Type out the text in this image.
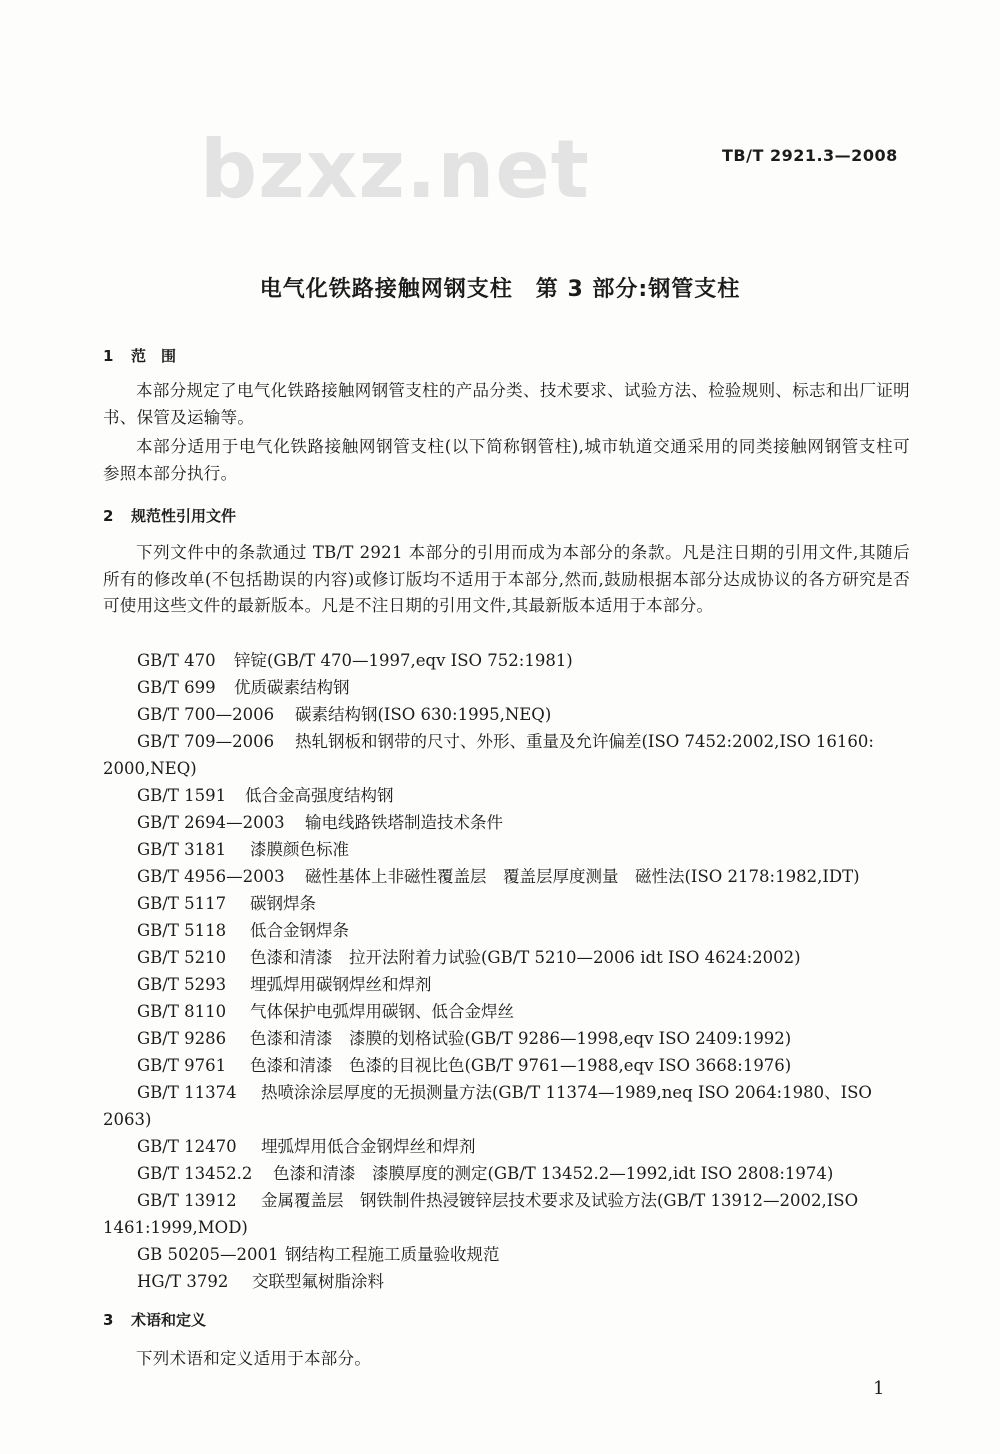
bzxz.net	TB/T 2921.3—2008
电气化铁路接触网钢支柱　第 3 部分:钢管支柱
1 范　围
本部分规定了电气化铁路接触网钢管支柱的产品分类、技术要求、试验方法、检验规则、标志和出厂证明书、保管及运输等。
本部分适用于电气化铁路接触网钢管支柱(以下简称钢管柱),城市轨道交通采用的同类接触网钢管支柱可参照本部分执行。
2 规范性引用文件
下列文件中的条款通过 TB/T 2921 本部分的引用而成为本部分的条款。凡是注日期的引用文件,其随后所有的修改单(不包括勘误的内容)或修订版均不适用于本部分,然而,鼓励根据本部分达成协议的各方研究是否可使用这些文件的最新版本。凡是不注日期的引用文件,其最新版本适用于本部分。
GB/T 470 锌锭(GB/T 470—1997,eqv ISO 752:1981)
GB/T 699 优质碳素结构钢
GB/T 700—2006 碳素结构钢(ISO 630:1995,NEQ)
GB/T 709—2006 热轧钢板和钢带的尺寸、外形、重量及允许偏差(ISO 7452:2002,ISO 16160:
2000,NEQ)
GB/T 1591 低合金高强度结构钢
GB/T 2694—2003 输电线路铁塔制造技术条件
GB/T 3181 漆膜颜色标准
GB/T 4956—2003 磁性基体上非磁性覆盖层　覆盖层厚度测量　磁性法(ISO 2178:1982,IDT)
GB/T 5117 碳钢焊条
GB/T 5118 低合金钢焊条
GB/T 5210 色漆和清漆　拉开法附着力试验(GB/T 5210—2006 idt ISO 4624:2002)
GB/T 5293 埋弧焊用碳钢焊丝和焊剂
GB/T 8110 气体保护电弧焊用碳钢、低合金焊丝
GB/T 9286 色漆和清漆　漆膜的划格试验(GB/T 9286—1998,eqv ISO 2409:1992)
GB/T 9761 色漆和清漆　色漆的目视比色(GB/T 9761—1988,eqv ISO 3668:1976)
GB/T 11374 热喷涂涂层厚度的无损测量方法(GB/T 11374—1989,neq ISO 2064:1980、ISO
2063)
GB/T 12470 埋弧焊用低合金钢焊丝和焊剂
GB/T 13452.2 色漆和清漆　漆膜厚度的测定(GB/T 13452.2—1992,idt ISO 2808:1974)
GB/T 13912 金属覆盖层　钢铁制件热浸镀锌层技术要求及试验方法(GB/T 13912—2002,ISO
1461:1999,MOD)
GB 50205—2001 钢结构工程施工质量验收规范
HG/T 3792 交联型氟树脂涂料
3 术语和定义
下列术语和定义适用于本部分。
1
